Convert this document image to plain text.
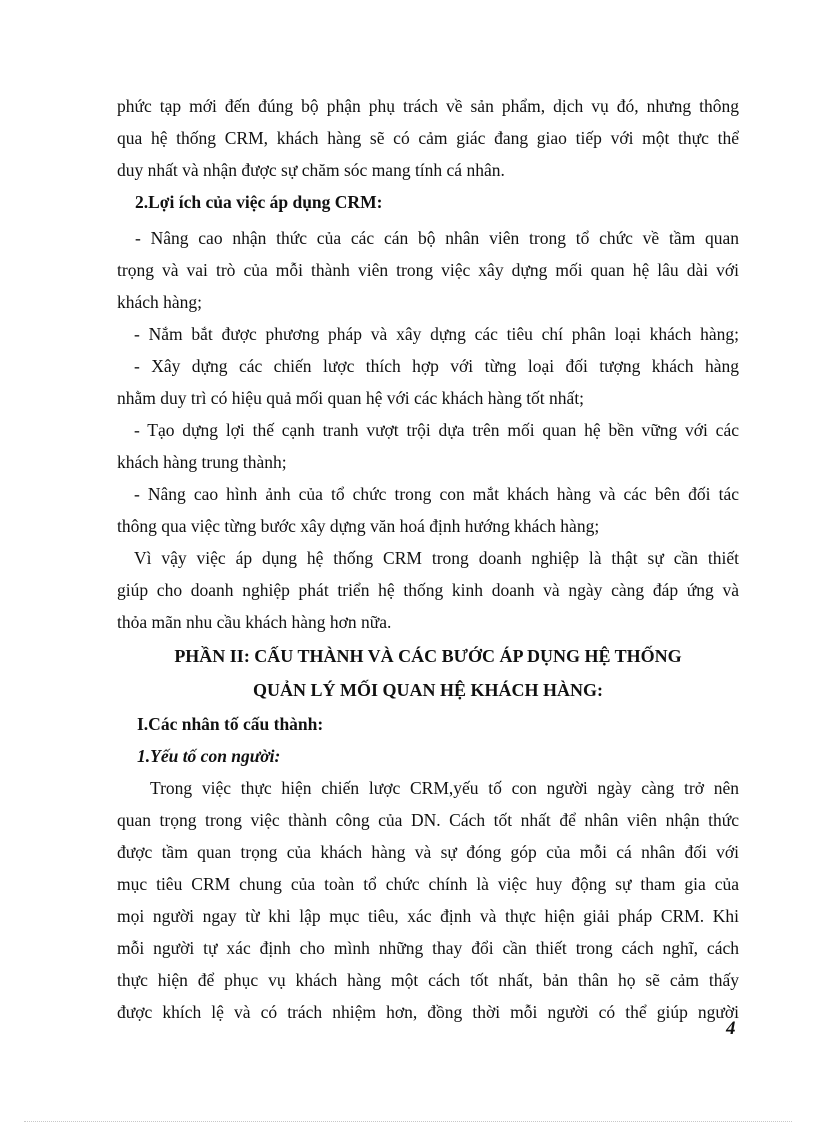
phức tạp mới đến đúng bộ phận phụ trách về sản phẩm, dịch vụ đó, nhưng thông
qua hệ thống CRM, khách hàng sẽ có cảm giác đang giao tiếp với một thực thể
duy nhất và nhận được sự chăm sóc mang tính cá nhân.
2.Lợi ích của việc áp dụng CRM:
- Nâng cao nhận thức của các cán bộ nhân viên trong tổ chức về tầm quan
trọng và vai trò của mỗi thành viên trong việc xây dựng mối quan hệ lâu dài với
khách hàng;
- Nắm bắt được phương pháp và xây dựng các tiêu chí phân loại khách hàng;
- Xây dựng các chiến lược thích hợp với từng loại đối tượng khách hàng
nhằm duy trì có hiệu quả mối quan hệ với các khách hàng tốt nhất;
- Tạo dựng lợi thế cạnh tranh vượt trội dựa trên mối quan hệ bền vững với các
khách hàng trung thành;
- Nâng cao hình ảnh của tổ chức trong con mắt khách hàng và các bên đối tác
thông qua việc từng bước xây dựng văn hoá định hướng khách hàng;
Vì vậy việc áp dụng hệ thống CRM trong doanh nghiệp là thật sự cần thiết
giúp cho doanh nghiệp phát triển hệ thống kinh doanh và ngày càng đáp ứng và
thỏa mãn nhu cầu khách hàng hơn nữa.
PHẦN II: CẤU THÀNH VÀ CÁC BƯỚC ÁP DỤNG HỆ THỐNG
QUẢN LÝ MỐI QUAN HỆ KHÁCH HÀNG:
I.Các nhân tố cấu thành:
1.Yếu tố con người:
Trong việc thực hiện chiến lược CRM,yếu tố con người ngày càng trở nên
quan trọng trong việc thành công của DN. Cách tốt nhất để nhân viên nhận thức
được tầm quan trọng của khách hàng và sự đóng góp của mỗi cá nhân đối với
mục tiêu CRM chung của toàn tổ chức chính là việc huy động sự tham gia của
mọi người ngay từ khi lập mục tiêu, xác định và thực hiện giải pháp CRM. Khi
mỗi người tự xác định cho mình những thay đổi cần thiết trong cách nghĩ, cách
thực hiện để phục vụ khách hàng một cách tốt nhất, bản thân họ sẽ cảm thấy
được khích lệ và có trách nhiệm hơn, đồng thời mỗi người có thể giúp người
4
